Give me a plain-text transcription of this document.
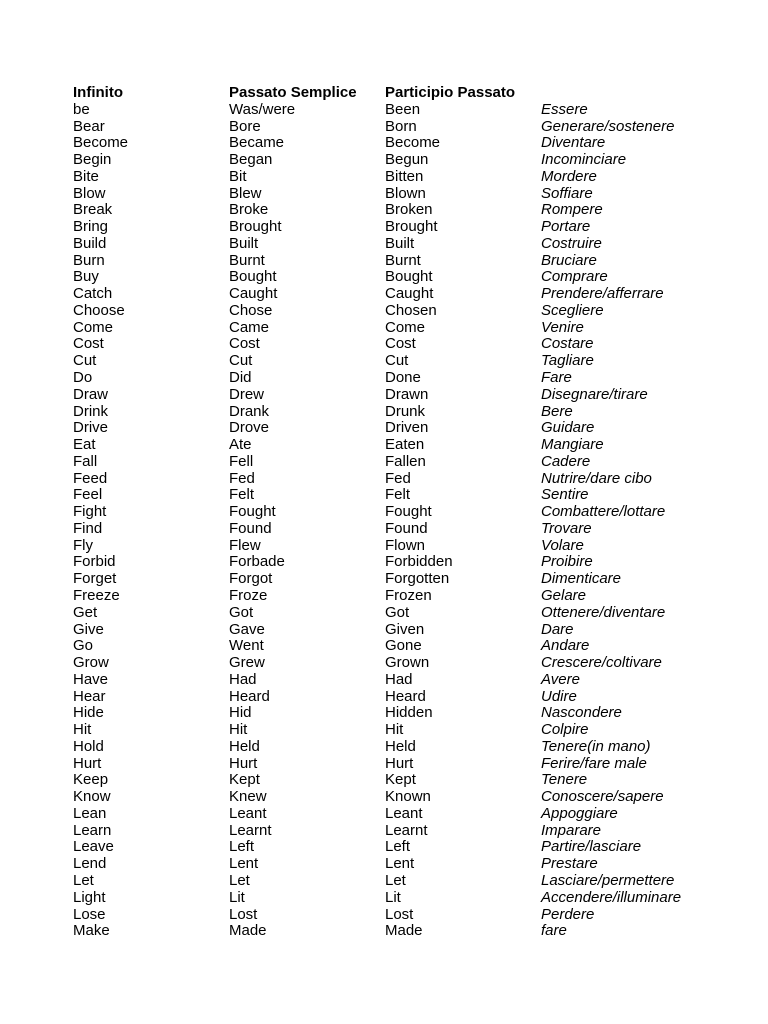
Infinito	Passato Semplice	Participio Passato
be	Was/were	Been	Essere
Bear	Bore	Born	Generare/sostenere
Become	Became	Become	Diventare
Begin	Began	Begun	Incominciare
Bite	Bit	Bitten	Mordere
Blow	Blew	Blown	Soffiare
Break	Broke	Broken	Rompere
Bring	Brought	Brought	Portare
Build	Built	Built	Costruire
Burn	Burnt	Burnt	Bruciare
Buy	Bought	Bought	Comprare
Catch	Caught	Caught	Prendere/afferrare
Choose	Chose	Chosen	Scegliere
Come	Came	Come	Venire
Cost	Cost	Cost	Costare
Cut	Cut	Cut	Tagliare
Do	Did	Done	Fare
Draw	Drew	Drawn	Disegnare/tirare
Drink	Drank	Drunk	Bere
Drive	Drove	Driven	Guidare
Eat	Ate	Eaten	Mangiare
Fall	Fell	Fallen	Cadere
Feed	Fed	Fed	Nutrire/dare cibo
Feel	Felt	Felt	Sentire
Fight	Fought	Fought	Combattere/lottare
Find	Found	Found	Trovare
Fly	Flew	Flown	Volare
Forbid	Forbade	Forbidden	Proibire
Forget	Forgot	Forgotten	Dimenticare
Freeze	Froze	Frozen	Gelare
Get	Got	Got	Ottenere/diventare
Give	Gave	Given	Dare
Go	Went	Gone	Andare
Grow	Grew	Grown	Crescere/coltivare
Have	Had	Had	Avere
Hear	Heard	Heard	Udire
Hide	Hid	Hidden	Nascondere
Hit	Hit	Hit	Colpire
Hold	Held	Held	Tenere(in mano)
Hurt	Hurt	Hurt	Ferire/fare male
Keep	Kept	Kept	Tenere
Know	Knew	Known	Conoscere/sapere
Lean	Leant	Leant	Appoggiare
Learn	Learnt	Learnt	Imparare
Leave	Left	Left	Partire/lasciare
Lend	Lent	Lent	Prestare
Let	Let	Let	Lasciare/permettere
Light	Lit	Lit	Accendere/illuminare
Lose	Lost	Lost	Perdere
Make	Made	Made	fare
